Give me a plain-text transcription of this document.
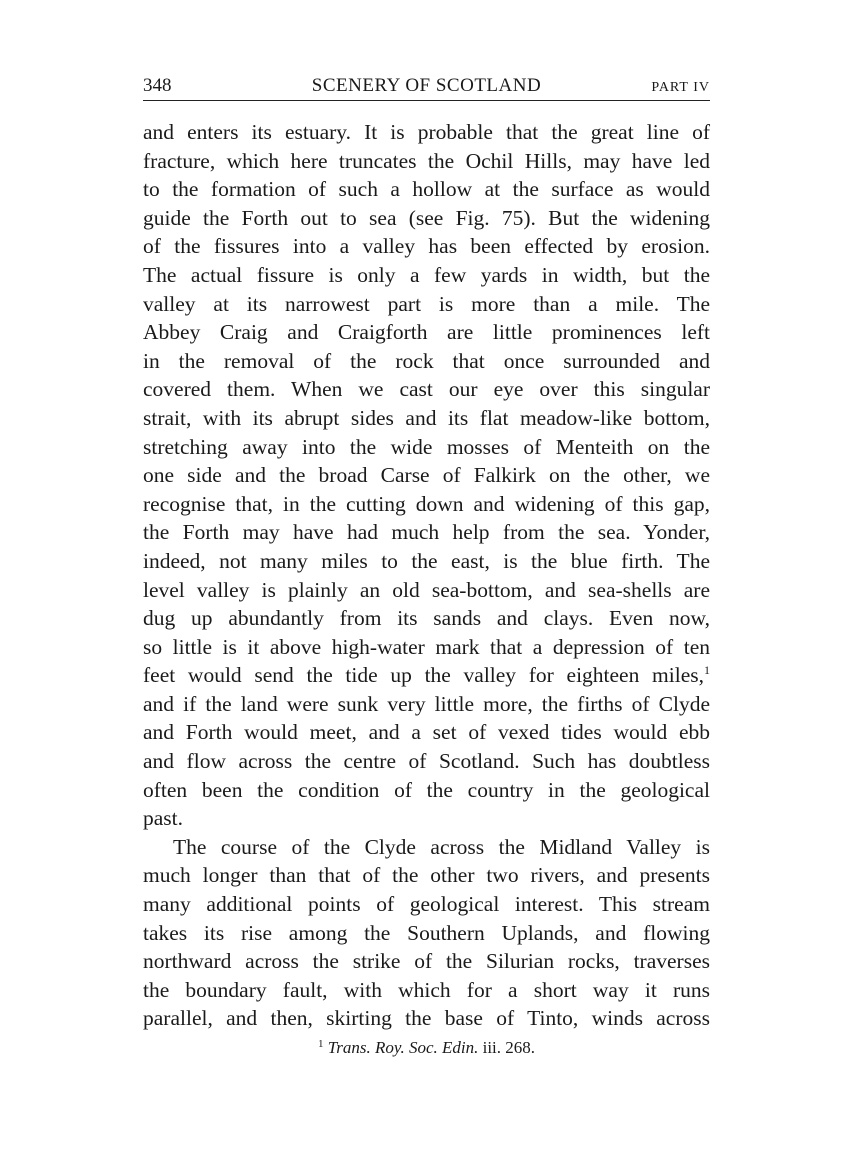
348	SCENERY OF SCOTLAND	PART IV
and enters its estuary. It is probable that the great line of
fracture, which here truncates the Ochil Hills, may have led
to the formation of such a hollow at the surface as would
guide the Forth out to sea (see Fig. 75). But the widening
of the fissures into a valley has been effected by erosion.
The actual fissure is only a few yards in width, but the
valley at its narrowest part is more than a mile. The
Abbey Craig and Craigforth are little prominences left
in the removal of the rock that once surrounded and
covered them. When we cast our eye over this singular
strait, with its abrupt sides and its flat meadow-like bottom,
stretching away into the wide mosses of Menteith on the
one side and the broad Carse of Falkirk on the other, we
recognise that, in the cutting down and widening of this gap,
the Forth may have had much help from the sea. Yonder,
indeed, not many miles to the east, is the blue firth. The
level valley is plainly an old sea-bottom, and sea-shells are
dug up abundantly from its sands and clays. Even now,
so little is it above high-water mark that a depression of ten
feet would send the tide up the valley for eighteen miles,$^1$
and if the land were sunk very little more, the firths of Clyde
and Forth would meet, and a set of vexed tides would ebb
and flow across the centre of Scotland. Such has doubtless
often been the condition of the country in the geological
past.
The course of the Clyde across the Midland Valley is
much longer than that of the other two rivers, and presents
many additional points of geological interest. This stream
takes its rise among the Southern Uplands, and flowing
northward across the strike of the Silurian rocks, traverses
the boundary fault, with which for a short way it runs
parallel, and then, skirting the base of Tinto, winds across
$^1$ Trans. Roy. Soc. Edin. iii. 268.
